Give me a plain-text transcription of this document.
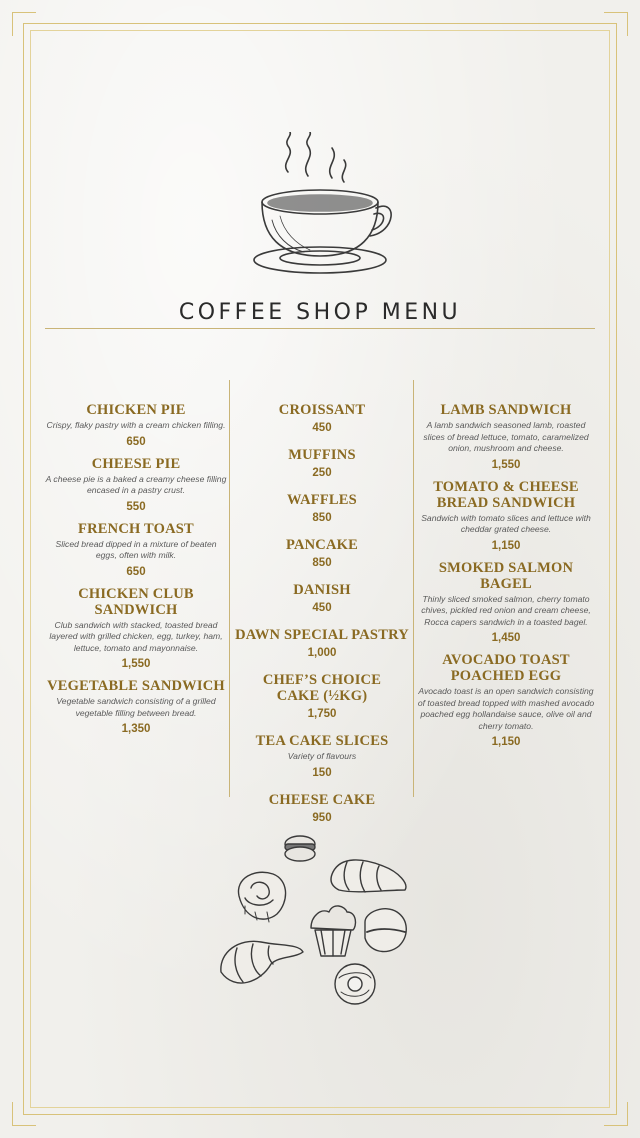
COFFEE SHOP MENU
CHICKEN PIE
Crispy, flaky pastry with a cream chicken filling.
650
CHEESE PIE
A cheese pie is a baked a creamy cheese filling encased in a pastry crust.
550
FRENCH TOAST
Sliced bread dipped in a mixture of beaten eggs, often with milk.
650
CHICKEN CLUB SANDWICH
Club sandwich with stacked, toasted bread layered with grilled chicken, egg, turkey, ham, lettuce, tomato and mayonnaise.
1,550
VEGETABLE SANDWICH
Vegetable sandwich consisting of a grilled vegetable filling between bread.
1,350
CROISSANT
450
MUFFINS
250
WAFFLES
850
PANCAKE
850
DANISH
450
DAWN SPECIAL PASTRY
1,000
CHEF’S CHOICE CAKE (½KG)
1,750
TEA CAKE SLICES
Variety of flavours
150
CHEESE CAKE
950
LAMB SANDWICH
A lamb sandwich seasoned lamb, roasted slices of bread lettuce, tomato, caramelized onion, mushroom and cheese.
1,550
TOMATO & CHEESE BREAD SANDWICH
Sandwich with tomato slices and lettuce with cheddar grated cheese.
1,150
SMOKED SALMON BAGEL
Thinly sliced smoked salmon, cherry tomato chives, pickled red onion and cream cheese, Rocca capers sandwich in a toasted bagel.
1,450
AVOCADO TOAST POACHED EGG
Avocado toast is an open sandwich consisting of toasted bread topped with mashed avocado poached egg hollandaise sauce, olive oil and cherry tomato.
1,150
